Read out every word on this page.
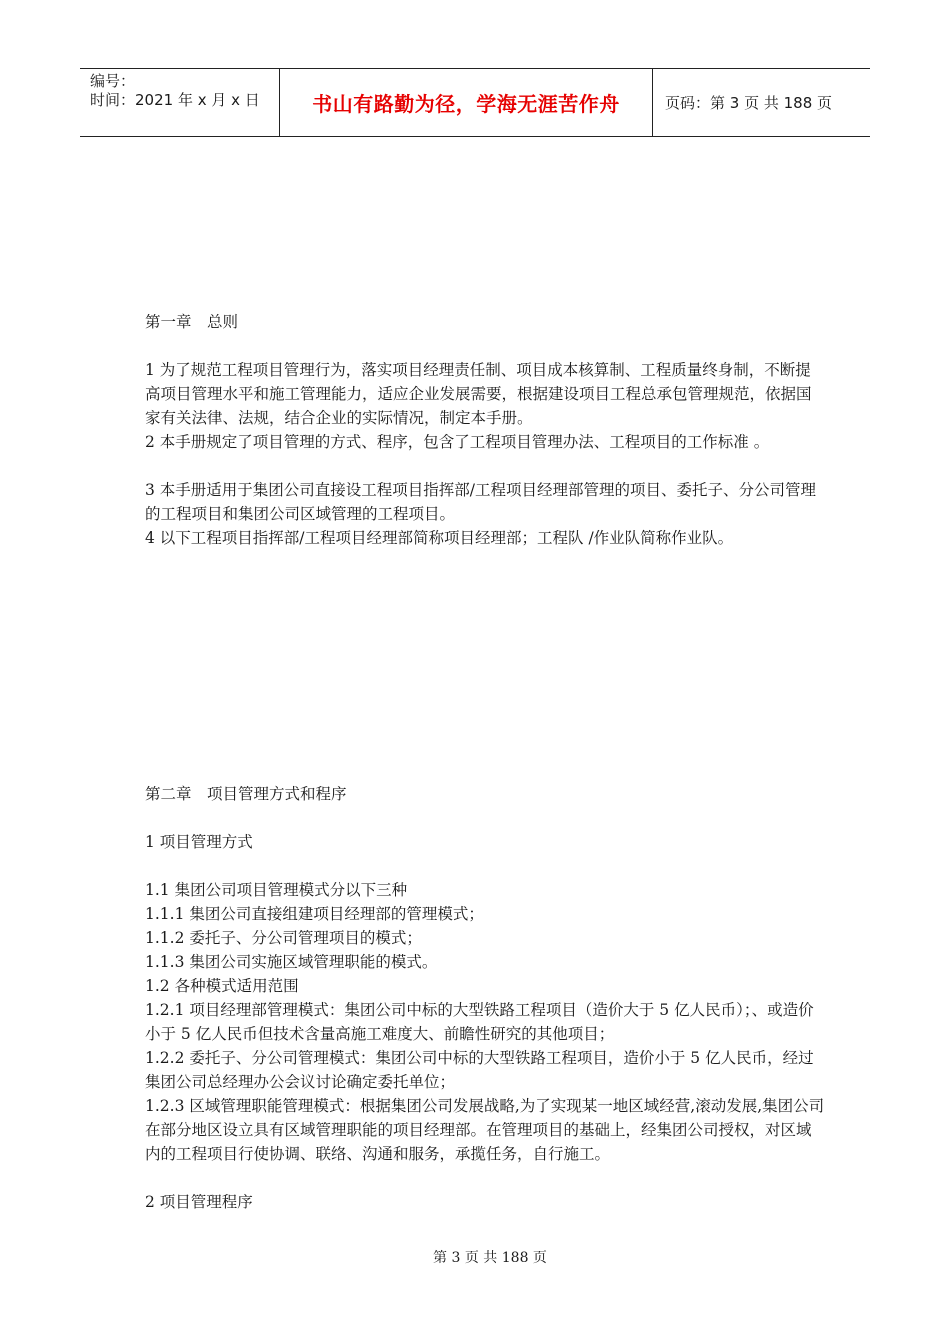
编号：
时间：2021 年 x 月 x 日	书山有路勤为径，学海无涯苦作舟	页码：第 3 页 共 188 页

第一章　总则

1 为了规范工程项目管理行为，落实项目经理责任制、项目成本核算制、工程质量终身制，不断提高项目管理水平和施工管理能力，适应企业发展需要，根据建设项目工程总承包管理规范，依据国家有关法律、法规，结合企业的实际情况，制定本手册。

2 本手册规定了项目管理的方式、程序，包含了工程项目管理办法、工程项目的工作标准 。

3 本手册适用于集团公司直接设工程项目指挥部/工程项目经理部管理的项目、委托子、分公司管理的工程项目和集团公司区域管理的工程项目。

4 以下工程项目指挥部/工程项目经理部简称项目经理部；工程队 /作业队简称作业队。

第二章　项目管理方式和程序

1 项目管理方式

1.1 集团公司项目管理模式分以下三种

1.1.1 集团公司直接组建项目经理部的管理模式；

1.1.2 委托子、分公司管理项目的模式；

1.1.3 集团公司实施区域管理职能的模式。

1.2 各种模式适用范围

1.2.1 项目经理部管理模式：集团公司中标的大型铁路工程项目（造价大于 5 亿人民币）；、或造价小于 5 亿人民币但技术含量高施工难度大、前瞻性研究的其他项目；

1.2.2 委托子、分公司管理模式：集团公司中标的大型铁路工程项目，造价小于 5 亿人民币，经过集团公司总经理办公会议讨论确定委托单位；

1.2.3 区域管理职能管理模式：根据集团公司发展战略,为了实现某一地区域经营,滚动发展,集团公司在部分地区设立具有区域管理职能的项目经理部。在管理项目的基础上，经集团公司授权，对区域内的工程项目行使协调、联络、沟通和服务，承揽任务，自行施工。

2 项目管理程序

第 3 页 共 188 页
